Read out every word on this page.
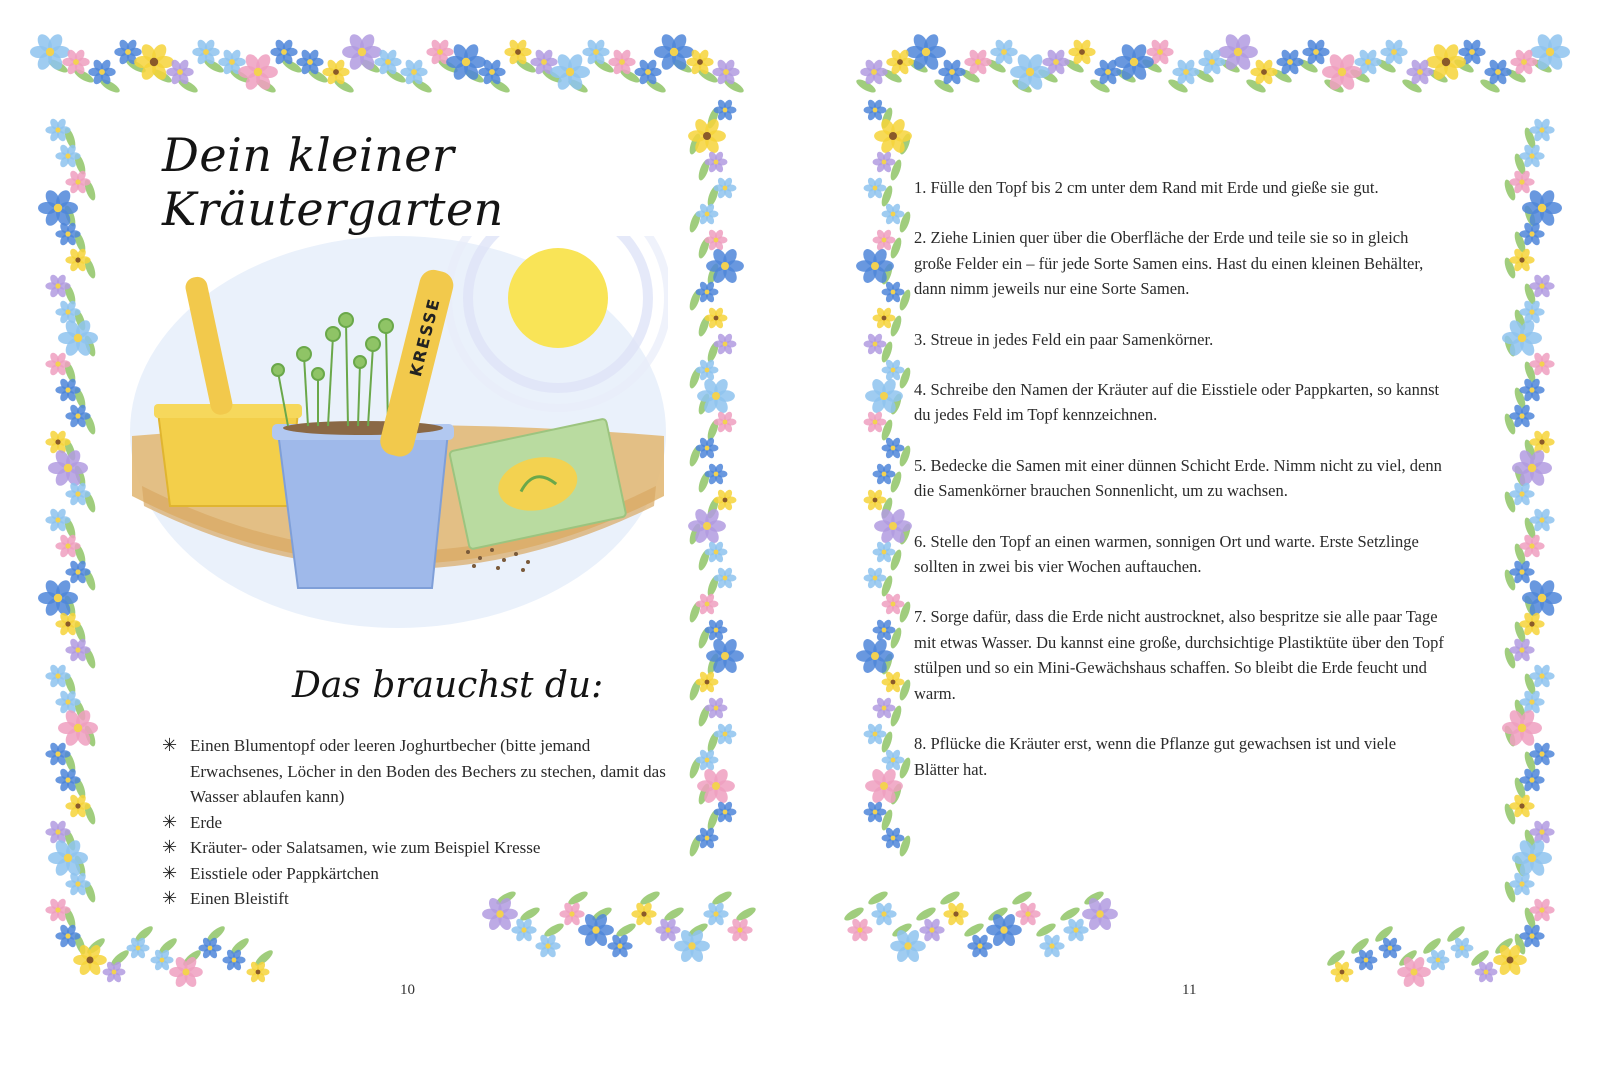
Dein kleiner Kräutergarten
KRESSE
Das brauchst du:
✳ Einen Blumentopf oder leeren Joghurtbecher (bitte jemand Erwachsenes, Löcher in den Boden des Bechers zu stechen, damit das Wasser ablaufen kann)
✳ Erde
✳ Kräuter- oder Salatsamen, wie zum Beispiel Kresse
✳ Eisstiele oder Pappkärtchen
✳ Einen Bleistift
10
1. Fülle den Topf bis 2 cm unter dem Rand mit Erde und gieße sie gut.
2. Ziehe Linien quer über die Oberfläche der Erde und teile sie so in gleich große Felder ein – für jede Sorte Samen eins. Hast du einen kleinen Behälter, dann nimm jeweils nur eine Sorte Samen.
3. Streue in jedes Feld ein paar Samenkörner.
4. Schreibe den Namen der Kräuter auf die Eisstiele oder Pappkarten, so kannst du jedes Feld im Topf kennzeichnen.
5. Bedecke die Samen mit einer dünnen Schicht Erde. Nimm nicht zu viel, denn die Samenkörner brauchen Sonnenlicht, um zu wachsen.
6. Stelle den Topf an einen warmen, sonnigen Ort und warte. Erste Setzlinge sollten in zwei bis vier Wochen auftauchen.
7. Sorge dafür, dass die Erde nicht austrocknet, also bespritze sie alle paar Tage mit etwas Wasser. Du kannst eine große, durchsichtige Plastiktüte über den Topf stülpen und so ein Mini-Gewächshaus schaffen. So bleibt die Erde feucht und warm.
8. Pflücke die Kräuter erst, wenn die Pflanze gut gewachsen ist und viele Blätter hat.
11
